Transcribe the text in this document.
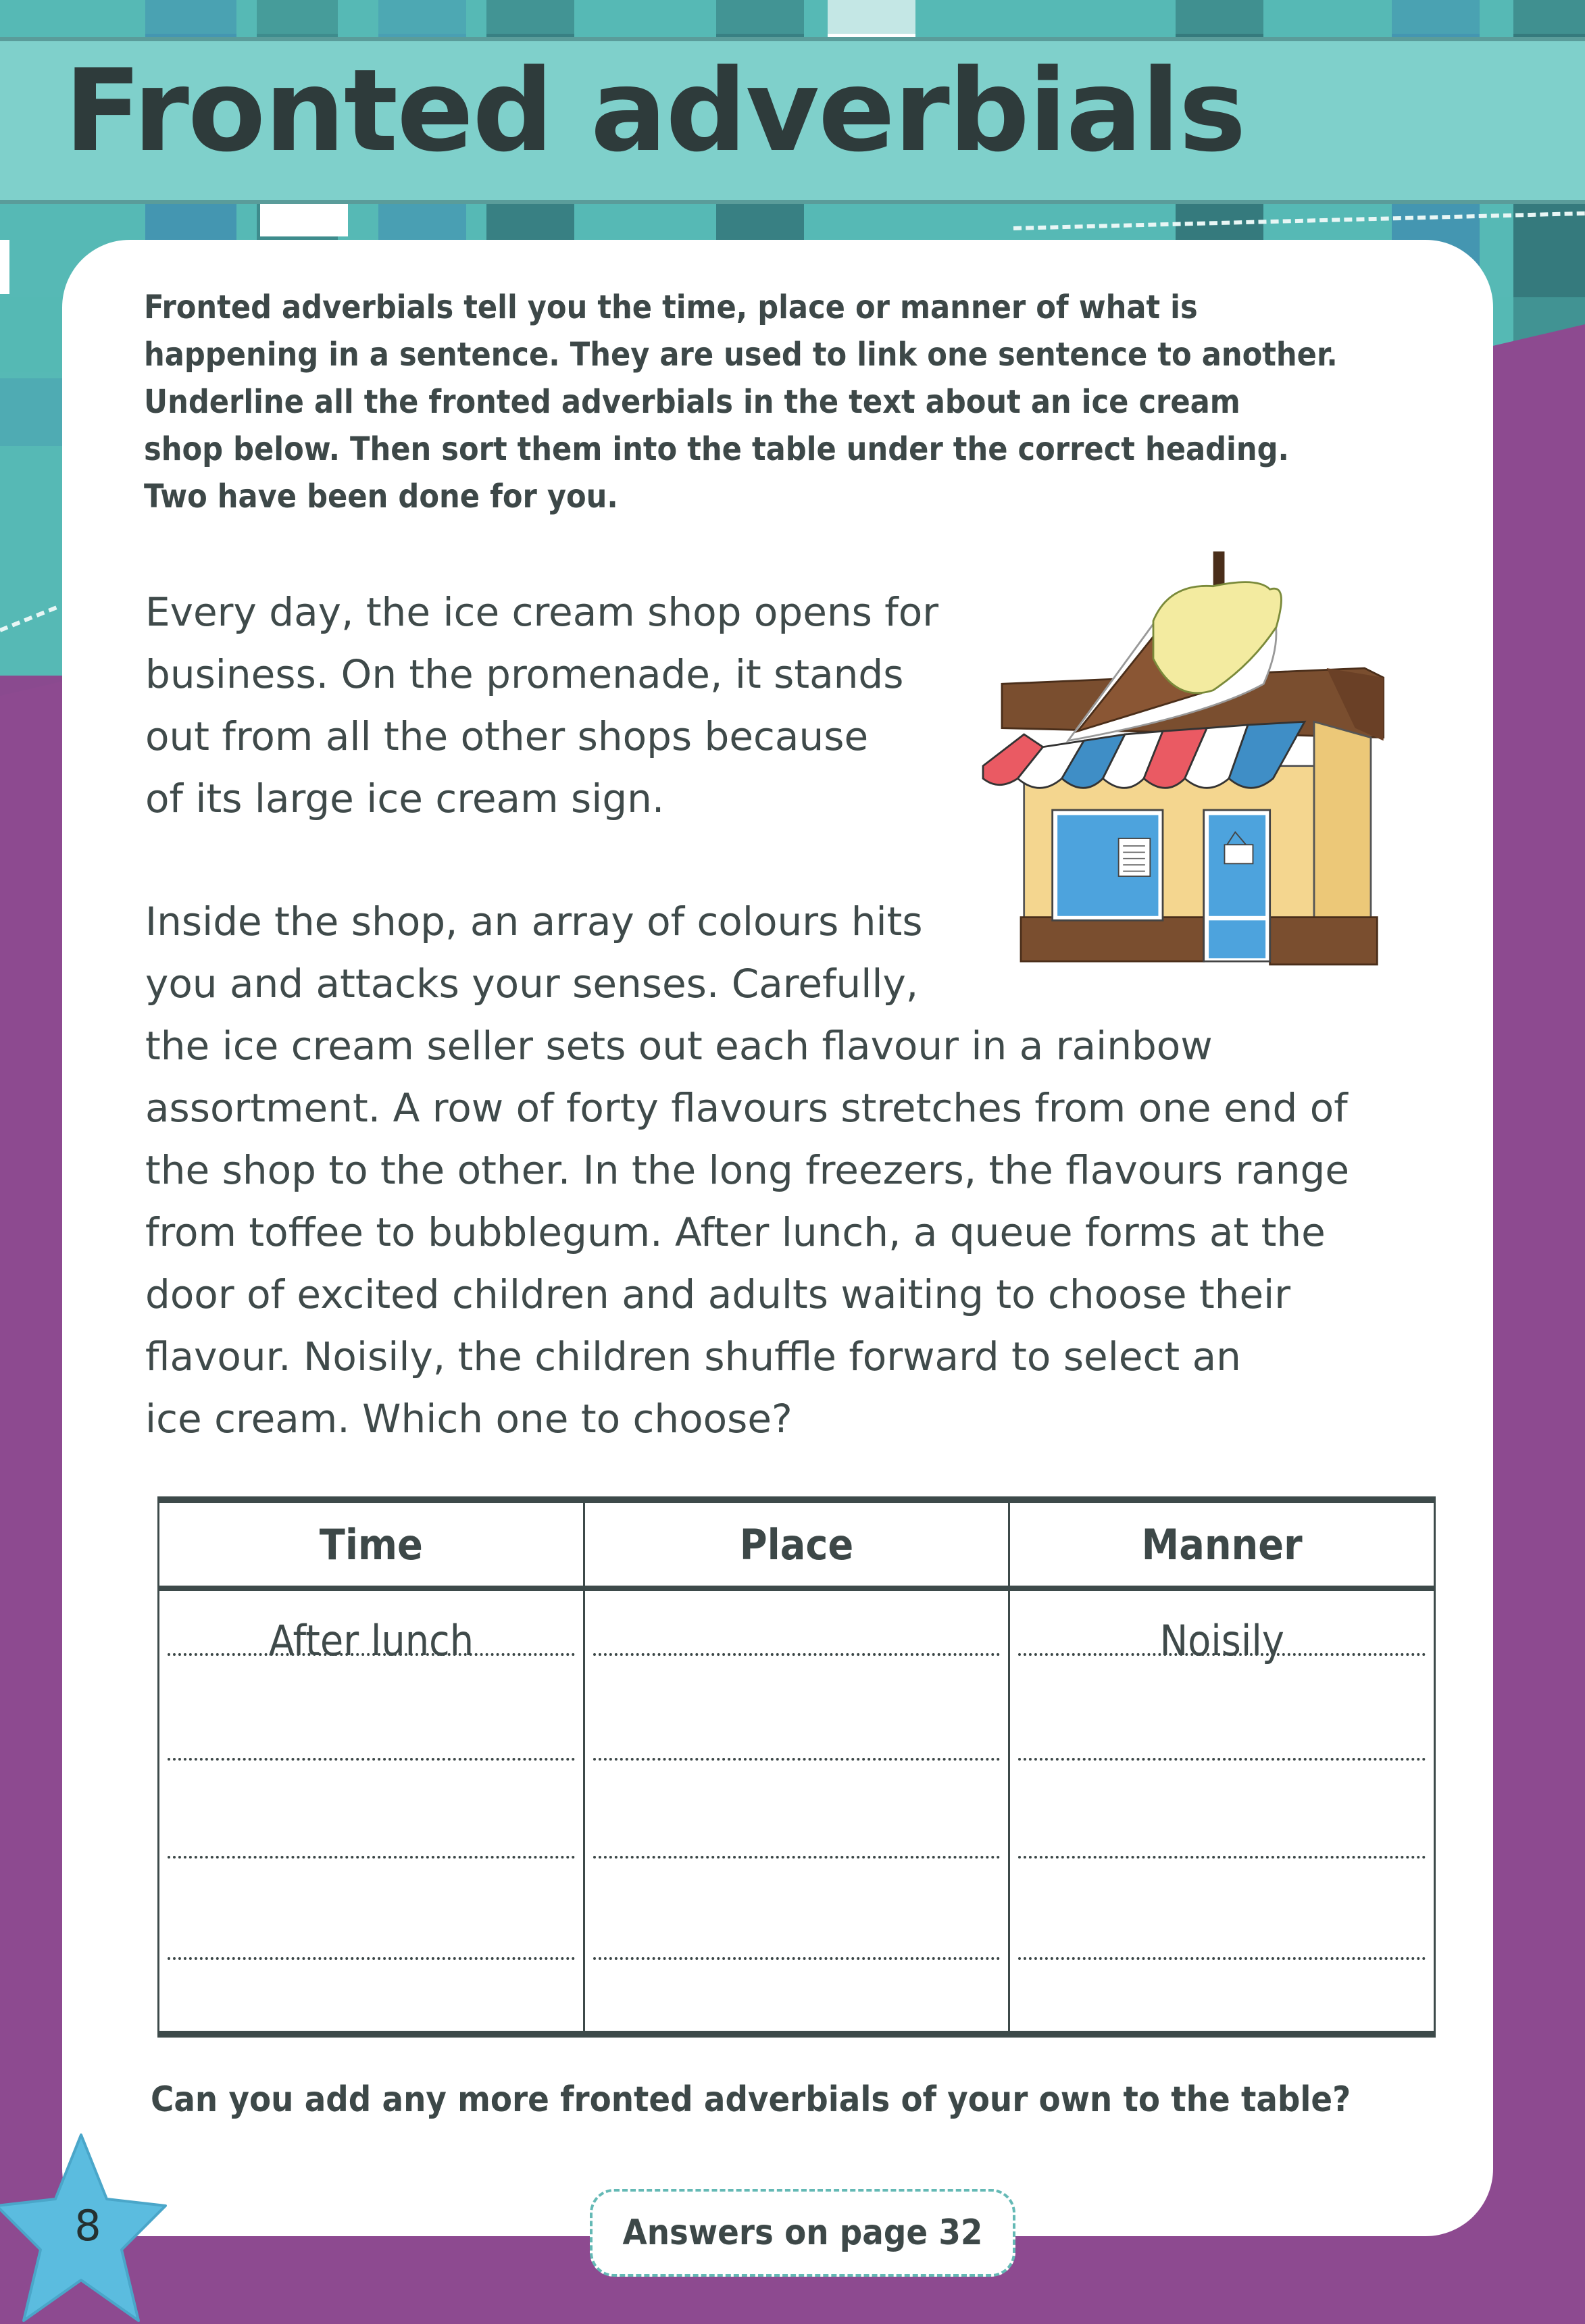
Fronted adverbials
Fronted adverbials tell you the time, place or manner of what is
happening in a sentence. They are used to link one sentence to another.
Underline all the fronted adverbials in the text about an ice cream
shop below. Then sort them into the table under the correct heading.
Two have been done for you.
Every day, the ice cream shop opens for
business. On the promenade, it stands
out from all the other shops because
of its large ice cream sign.
Inside the shop, an array of colours hits
you and attacks your senses. Carefully,
the ice cream seller sets out each flavour in a rainbow
assortment. A row of forty flavours stretches from one end of
the shop to the other. In the long freezers, the flavours range
from toffee to bubblegum. After lunch, a queue forms at the
door of excited children and adults waiting to choose their
flavour. Noisily, the children shuffle forward to select an
ice cream. Which one to choose?
Time	Place	Manner

After lunch		Noisily

Can you add any more fronted adverbials of your own to the table?
Answers on page 32
8
